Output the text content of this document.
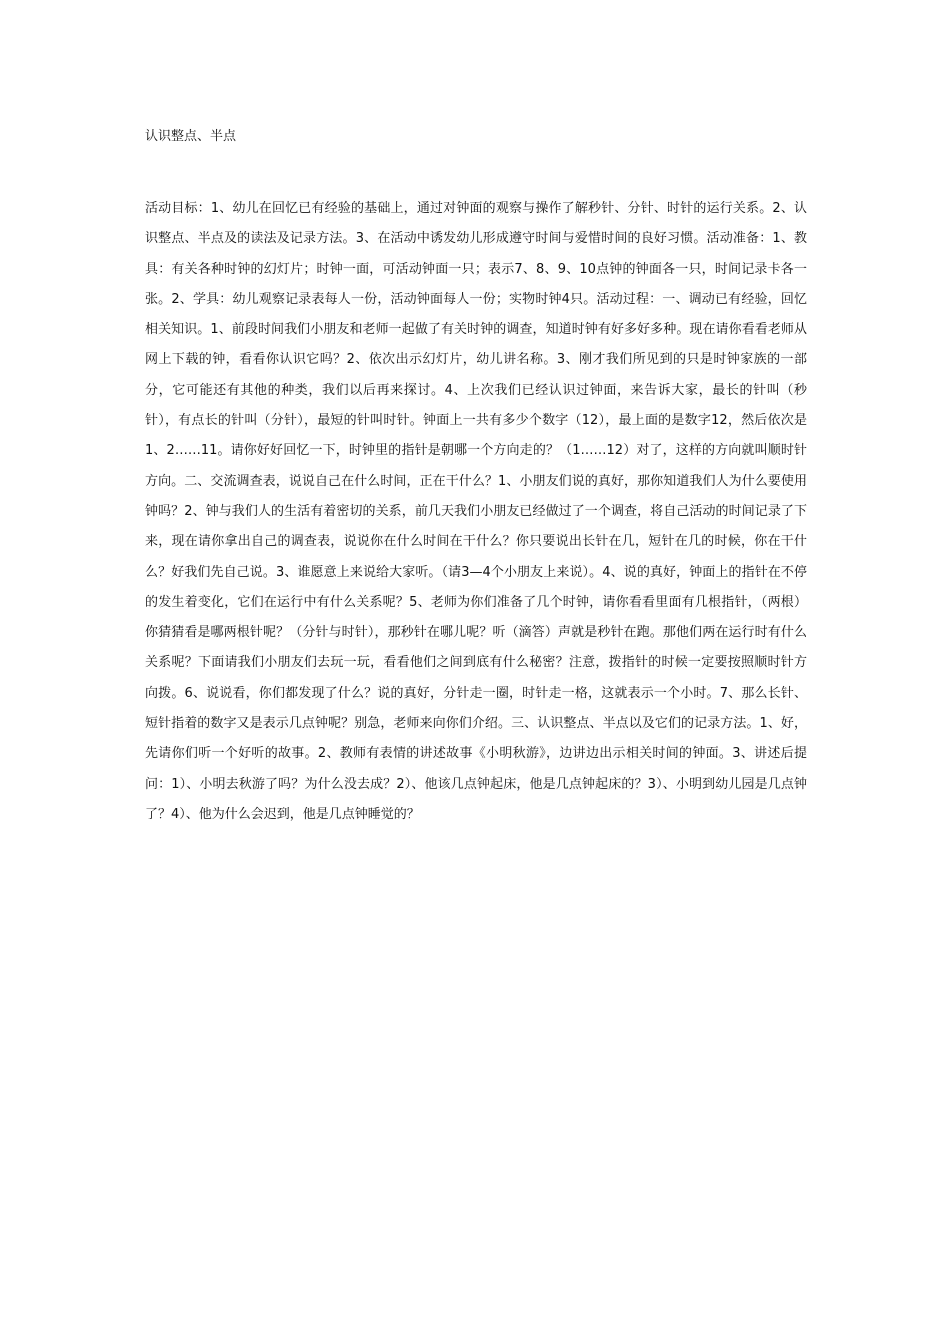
认识整点、半点

活动目标：1、幼儿在回忆已有经验的基础上，通过对钟面的观察与操作了解秒针、分针、时针的运行关系。2、认识整点、半点及的读法及记录方法。3、在活动中诱发幼儿形成遵守时间与爱惜时间的良好习惯。活动准备：1、教具：有关各种时钟的幻灯片；时钟一面，可活动钟面一只；表示7、8、9、10点钟的钟面各一只，时间记录卡各一张。2、学具：幼儿观察记录表每人一份，活动钟面每人一份；实物时钟4只。活动过程：一、调动已有经验，回忆相关知识。1、前段时间我们小朋友和老师一起做了有关时钟的调查，知道时钟有好多好多种。现在请你看看老师从网上下载的钟，看看你认识它吗？2、依次出示幻灯片，幼儿讲名称。3、刚才我们所见到的只是时钟家族的一部分，它可能还有其他的种类，我们以后再来探讨。4、上次我们已经认识过钟面，来告诉大家，最长的针叫（秒针），有点长的针叫（分针），最短的针叫时针。钟面上一共有多少个数字（12），最上面的是数字12，然后依次是1、2……11。请你好好回忆一下，时钟里的指针是朝哪一个方向走的？（1……12）对了，这样的方向就叫顺时针方向。二、交流调查表，说说自己在什么时间，正在干什么？1、小朋友们说的真好，那你知道我们人为什么要使用钟吗？2、钟与我们人的生活有着密切的关系，前几天我们小朋友已经做过了一个调查，将自己活动的时间记录了下来，现在请你拿出自己的调查表，说说你在什么时间在干什么？你只要说出长针在几，短针在几的时候，你在干什么？好我们先自己说。3、谁愿意上来说给大家听。（请3—4个小朋友上来说）。4、说的真好，钟面上的指针在不停的发生着变化，它们在运行中有什么关系呢？5、老师为你们准备了几个时钟，请你看看里面有几根指针，（两根）你猜猜看是哪两根针呢？（分针与时针），那秒针在哪儿呢？听（滴答）声就是秒针在跑。那他们两在运行时有什么关系呢？下面请我们小朋友们去玩一玩，看看他们之间到底有什么秘密？注意，拨指针的时候一定要按照顺时针方向拨。6、说说看，你们都发现了什么？说的真好，分针走一圈，时针走一格，这就表示一个小时。7、那么长针、短针指着的数字又是表示几点钟呢？别急，老师来向你们介绍。三、认识整点、半点以及它们的记录方法。1、好，先请你们听一个好听的故事。2、教师有表情的讲述故事《小明秋游》，边讲边出示相关时间的钟面。3、讲述后提问：1）、小明去秋游了吗？为什么没去成？2）、他该几点钟起床，他是几点钟起床的？3）、小明到幼儿园是几点钟了？4）、他为什么会迟到，他是几点钟睡觉的？
